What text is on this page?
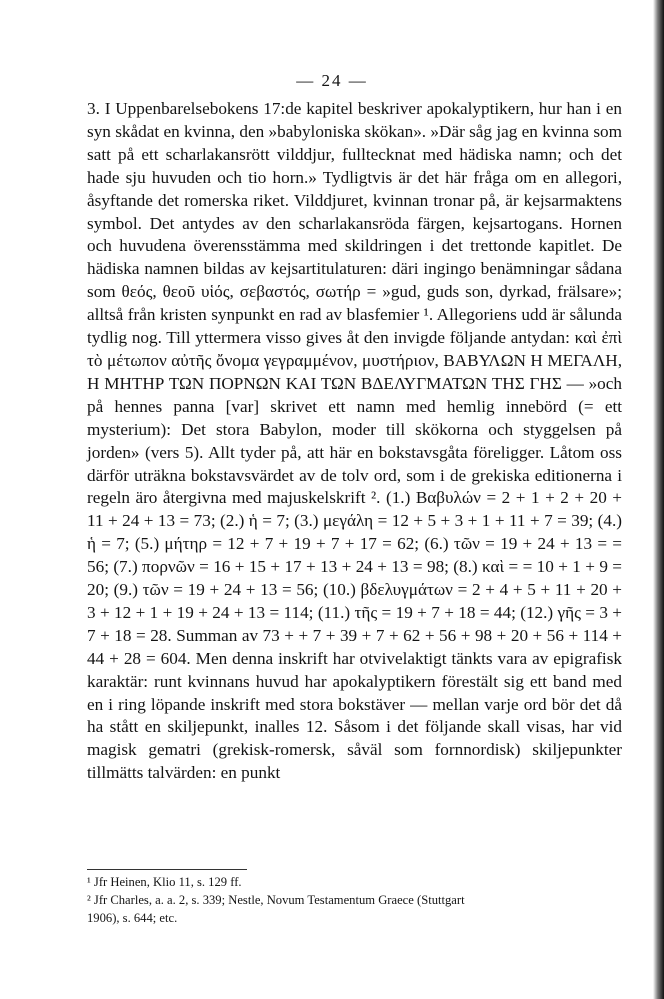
— 24 —

3. I Uppenbarelsebokens 17:de kapitel beskriver apokalyptikern, hur han i en syn skådat en kvinna, den »babyloniska skökan». »Där såg jag en kvinna som satt på ett scharlakansrött vilddjur, fulltecknat med hädiska namn; och det hade sju huvuden och tio horn.» Tydligtvis är det här fråga om en allegori, åsyftande det romerska riket. Vilddjuret, kvinnan tronar på, är kejsarmaktens symbol. Det antydes av den scharlakansröda färgen, kejsartogans. Hornen och huvudena överensstämma med skildringen i det trettonde kapitlet. De hädiska namnen bildas av kejsartitulaturen: däri ingingo benämningar sådana som θεός, θεοῦ υἱός, σεβαστός, σωτήρ = »gud, guds son, dyrkad, frälsare»; alltså från kristen synpunkt en rad av blasfemier ¹. Allegoriens udd är sålunda tydlig nog. Till yttermera visso gives åt den invigde följande antydan: καὶ ἐπὶ τὸ μέτωπον αὐτῆς ὄνομα γεγραμμένον, μυστήριον, ΒΑΒΥΛΩΝ Η ΜΕΓΑΛΗ, Η ΜΗΤΗΡ ΤΩΝ ΠΟΡΝΩΝ ΚΑΙ ΤΩΝ ΒΔΕΛΥΓΜΑΤΩΝ ΤΗΣ ΓΗΣ — »och på hennes panna [var] skrivet ett namn med hemlig innebörd (= ett mysterium): Det stora Babylon, moder till skökorna och styggelsen på jorden» (vers 5). Allt tyder på, att här en bokstavsgåta föreligger. Låtom oss därför uträkna bokstavsvärdet av de tolv ord, som i de grekiska editionerna i regeln äro återgivna med majuskelskrift ². (1.) Βαβυλών = 2 + 1 + 2 + 20 + 11 + 24 + 13 = 73; (2.) ἡ = 7; (3.) μεγάλη = 12 + 5 + 3 + 1 + 11 + 7 = 39; (4.) ἡ = 7; (5.) μήτηρ = 12 + 7 + 19 + 7 + 17 = 62; (6.) τῶν = 19 + 24 + 13 = = 56; (7.) πορνῶν = 16 + 15 + 17 + 13 + 24 + 13 = 98; (8.) καὶ = = 10 + 1 + 9 = 20; (9.) τῶν = 19 + 24 + 13 = 56; (10.) βδελυγμάτων = 2 + 4 + 5 + 11 + 20 + 3 + 12 + 1 + 19 + 24 + 13 = 114; (11.) τῆς = 19 + 7 + 18 = 44; (12.) γῆς = 3 + 7 + 18 = 28. Summan av 73 + + 7 + 39 + 7 + 62 + 56 + 98 + 20 + 56 + 114 + 44 + 28 = 604. Men denna inskrift har otvivelaktigt tänkts vara av epigrafisk karaktär: runt kvinnans huvud har apokalyptikern förestält sig ett band med en i ring löpande inskrift med stora bokstäver — mellan varje ord bör det då ha stått en skiljepunkt, inalles 12. Såsom i det följande skall visas, har vid magisk gematri (grekisk-romersk, såväl som fornnordisk) skiljepunkter tillmätts talvärden: en punkt

¹ Jfr Heinen, Klio 11, s. 129 ff.

² Jfr Charles, a. a. 2, s. 339; Nestle, Novum Testamentum Graece (Stuttgart
1906), s. 644; etc.
